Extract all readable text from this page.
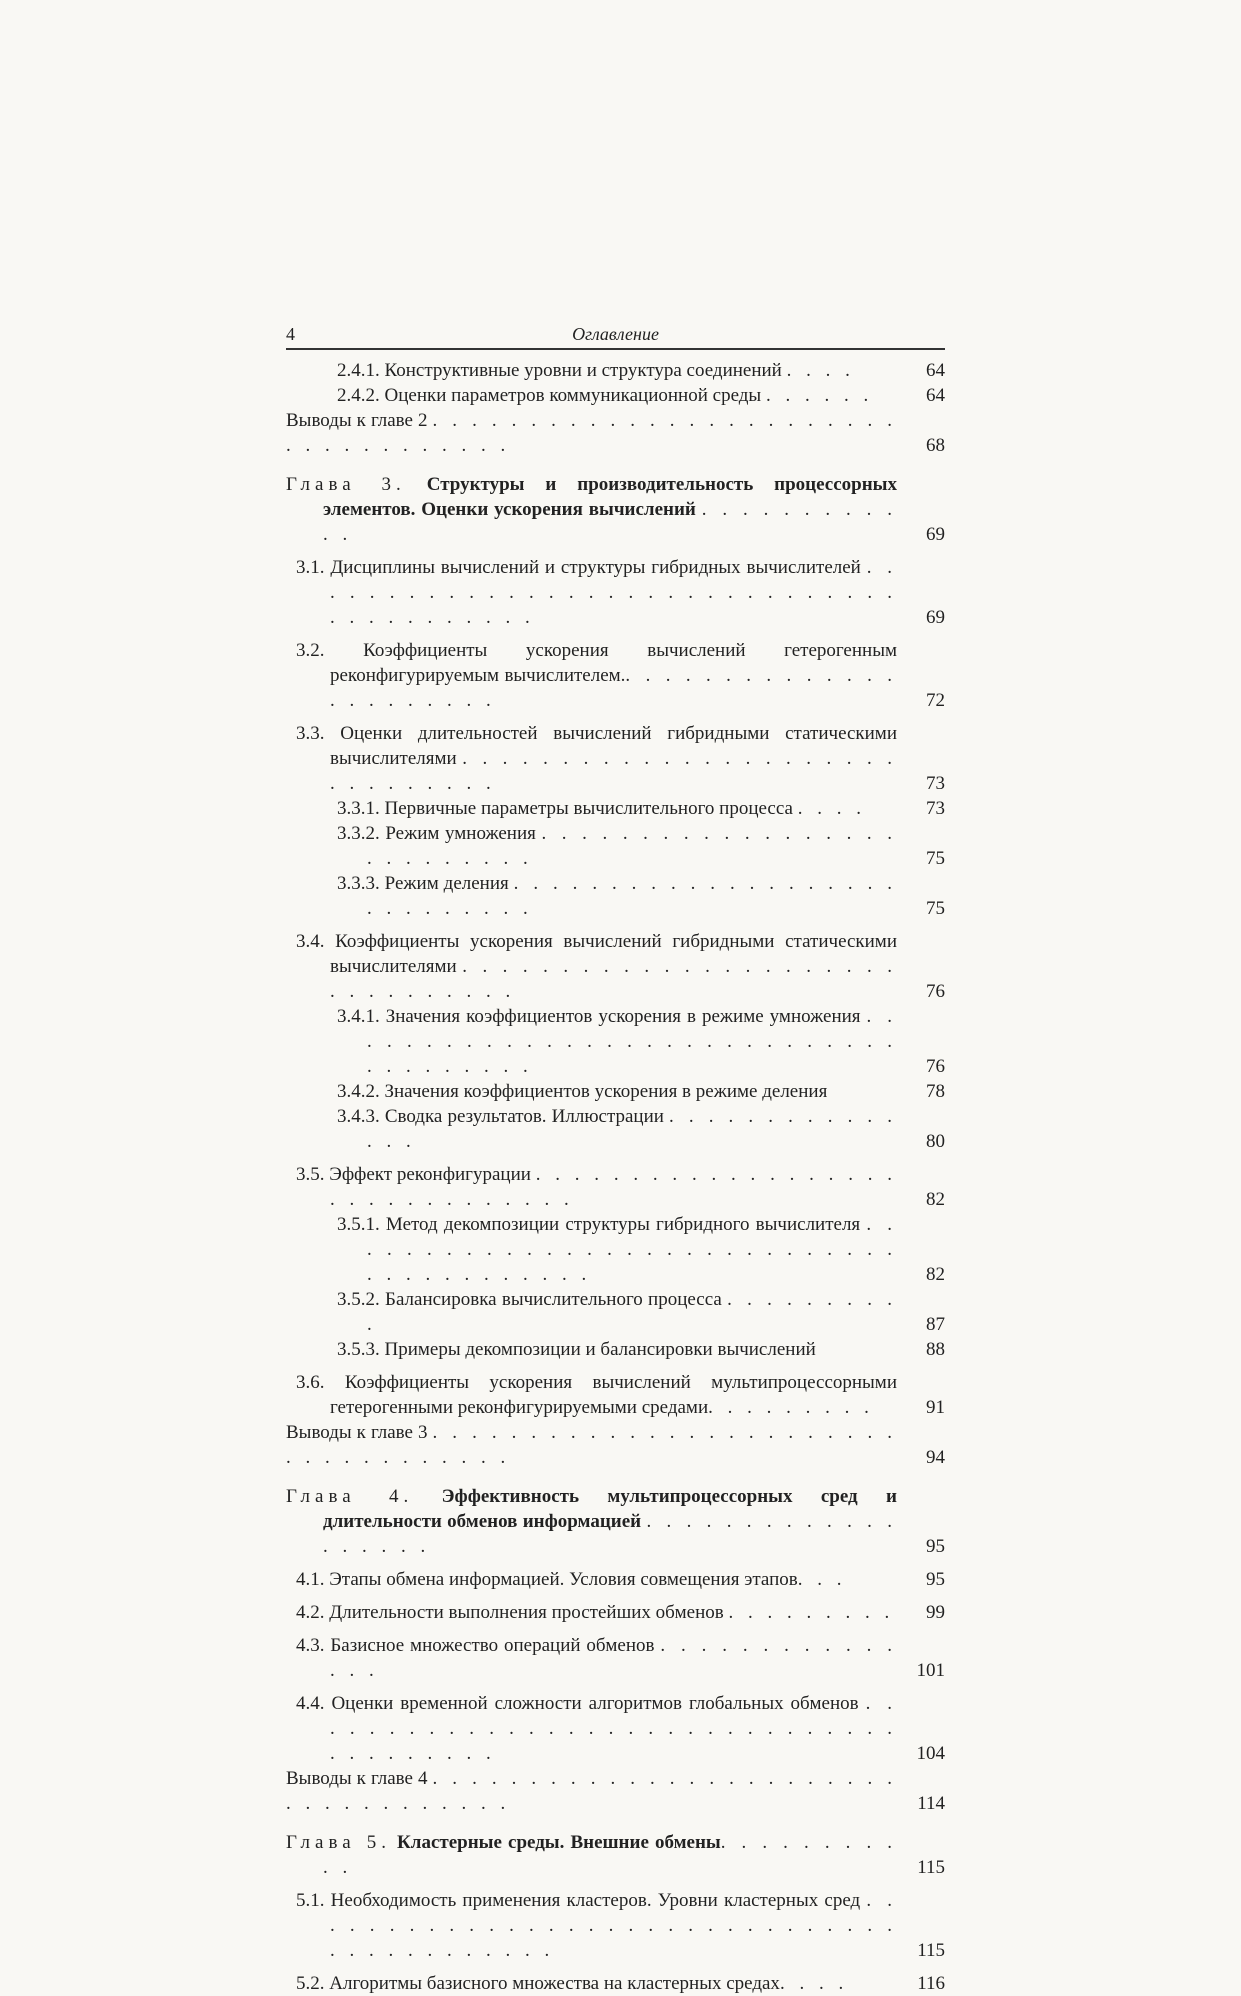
4	Оглавление
2.4.1. Конструктивные уровни и структура соединений . . . .	64
2.4.2. Оценки параметров коммуникационной среды . . . . . .	64
Выводы к главе 2 . . . . . . . . . . . . . . . . . . . . . . . . . . . . . . . . . . . .	68
Глава 3. Структуры и производительность процессорных элементов. Оценки ускорения вычислений . . . . . . . . . . . .	69
3.1. Дисциплины вычислений и структуры гибридных вычислителей . . . . . . . . . . . . . . . . . . . . . . . . . . . . . . . . . . . . . . . . . .	69
3.2. Коэффициенты ускорения вычислений гетерогенным реконфигурируемым вычислителем.. . . . . . . . . . . . . . . . . . . . . . .	72
3.3. Оценки длительностей вычислений гибридными статическими вычислителями . . . . . . . . . . . . . . . . . . . . . . . . . . . . . . .	73
3.3.1. Первичные параметры вычислительного процесса . . . .	73
3.3.2. Режим умножения . . . . . . . . . . . . . . . . . . . . . . . . . . .	75
3.3.3. Режим деления . . . . . . . . . . . . . . . . . . . . . . . . . . . . .	75
3.4. Коэффициенты ускорения вычислений гибридными статическими вычислителями . . . . . . . . . . . . . . . . . . . . . . . . . . . . . . . .	76
3.4.1. Значения коэффициентов ускорения в режиме умножения . . . . . . . . . . . . . . . . . . . . . . . . . . . . . . . . . . . . . .	76
3.4.2. Значения коэффициентов ускорения в режиме деления	78
3.4.3. Сводка результатов. Иллюстрации . . . . . . . . . . . . . . .	80
3.5. Эффект реконфигурации . . . . . . . . . . . . . . . . . . . . . . . . . . . . . . . .	82
3.5.1. Метод декомпозиции структуры гибридного вычислителя . . . . . . . . . . . . . . . . . . . . . . . . . . . . . . . . . . . . . . . . .	82
3.5.2. Балансировка вычислительного процесса . . . . . . . . . .	87
3.5.3. Примеры декомпозиции и балансировки вычислений	88
3.6. Коэффициенты ускорения вычислений мультипроцессорными гетерогенными реконфигурируемыми средами. . . . . . . . .	91
Выводы к главе 3 . . . . . . . . . . . . . . . . . . . . . . . . . . . . . . . . . . . .	94
Глава 4. Эффективность мультипроцессорных сред и длительности обменов информацией . . . . . . . . . . . . . . . . . . .	95
4.1. Этапы обмена информацией. Условия совмещения этапов. . .	95
4.2. Длительности выполнения простейших обменов . . . . . . . . .	99
4.3. Базисное множество операций обменов . . . . . . . . . . . . . . .	101
4.4. Оценки временной сложности алгоритмов глобальных обменов . . . . . . . . . . . . . . . . . . . . . . . . . . . . . . . . . . . . . . . .	104
Выводы к главе 4 . . . . . . . . . . . . . . . . . . . . . . . . . . . . . . . . . . . .	114
Глава 5. Кластерные среды. Внешние обмены. . . . . . . . . . .	115
5.1. Необходимость применения кластеров. Уровни кластерных сред . . . . . . . . . . . . . . . . . . . . . . . . . . . . . . . . . . . . . . . . . . .	115
5.2. Алгоритмы базисного множества на кластерных средах. . . .	116
